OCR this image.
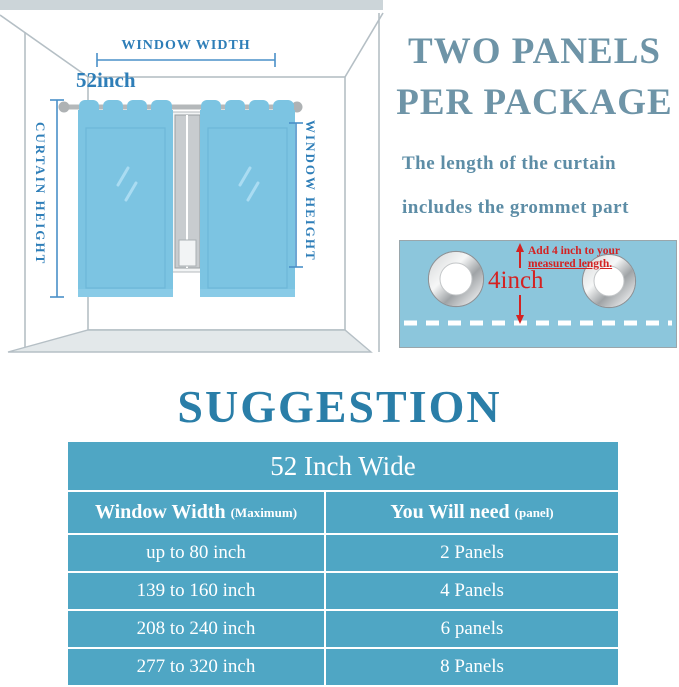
WINDOW WIDTH
52inch
CURTAIN HEIGHT	WINDOW HEIGHT
TWO PANELS
PER PACKAGE
The length of the curtain
includes the grommet part
Add 4 inch to your
measured length.
4inch
SUGGESTION
52 Inch Wide
Window Width (Maximum)	You Will need (panel)
up to 80 inch	2 Panels
139 to 160 inch	4 Panels
208 to 240 inch	6 panels
277 to 320 inch	8 Panels
